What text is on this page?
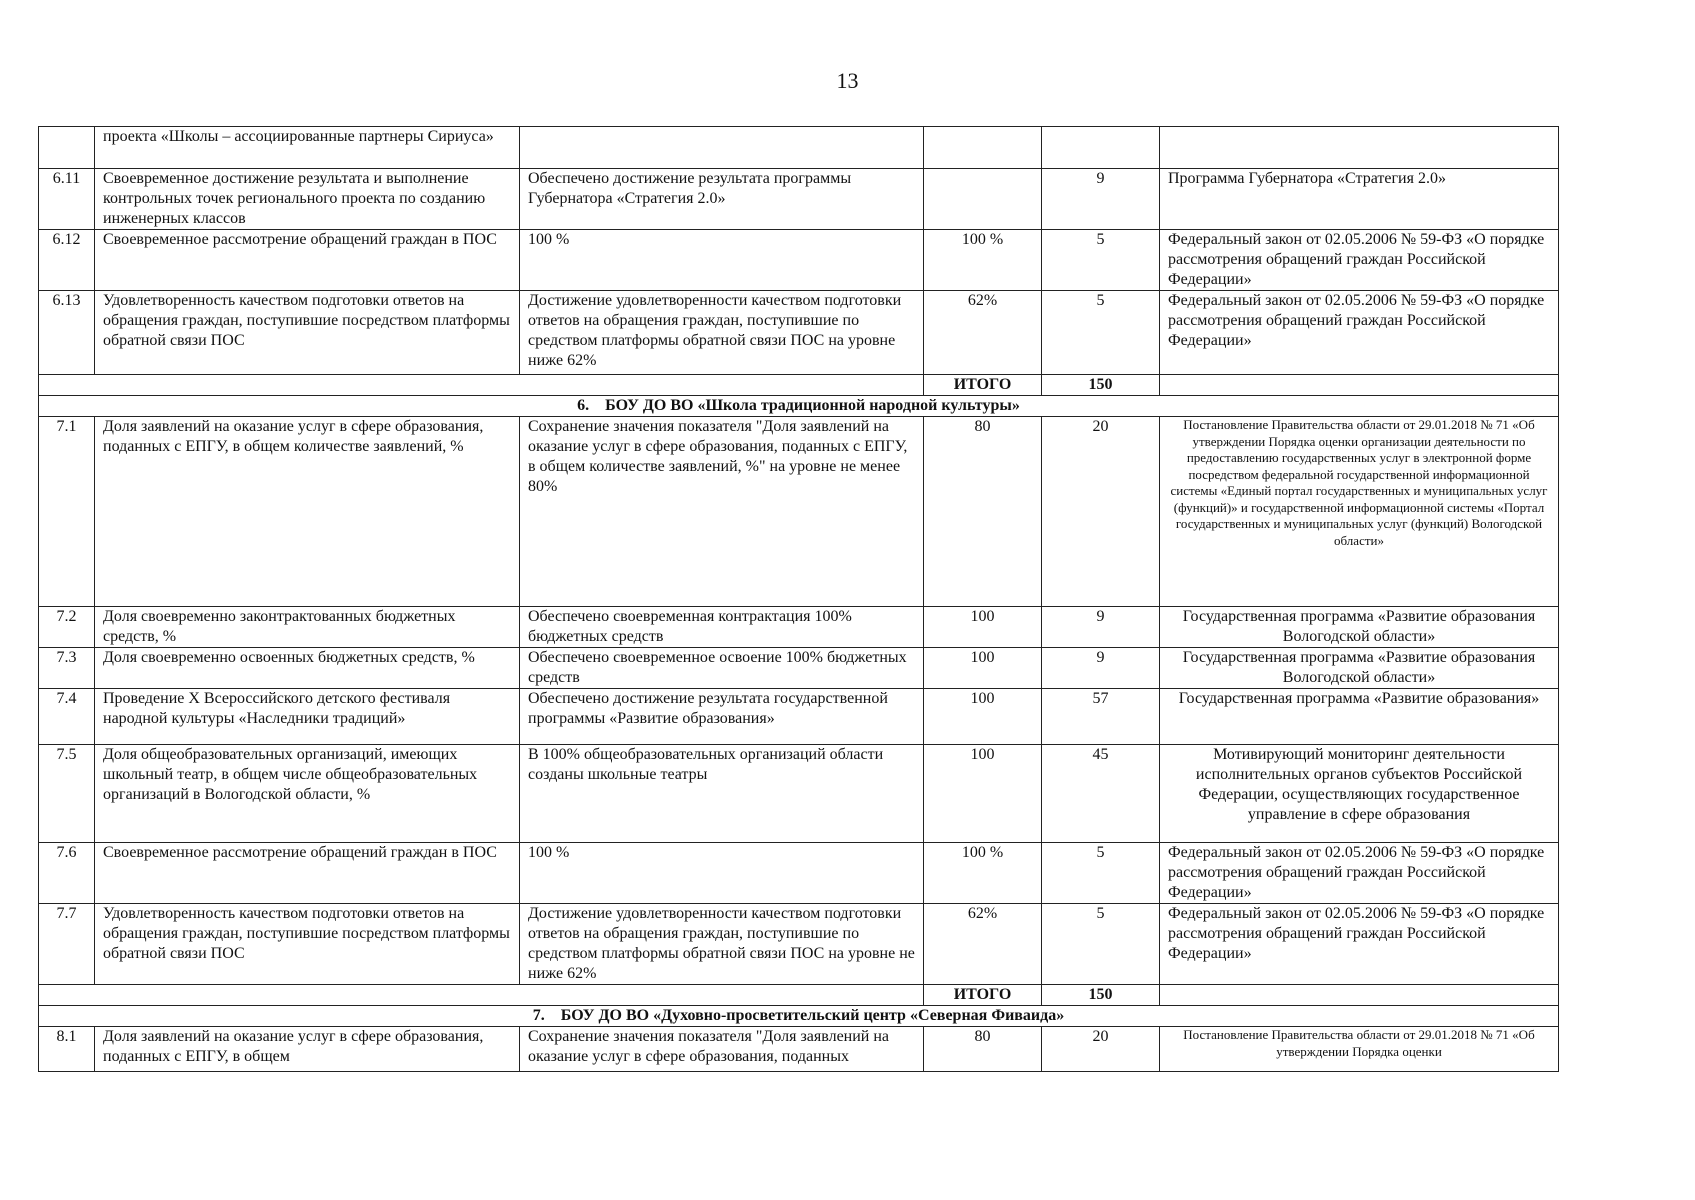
13
	проекта «Школы – ассоциированные партнеры Сириуса»				
6.11	Своевременное достижение результата и выполнение контрольных точек регионального проекта по созданию инженерных классов	Обеспечено достижение результата программы Губернатора «Стратегия 2.0»		9	Программа Губернатора «Стратегия 2.0»
6.12	Своевременное рассмотрение обращений граждан в ПОС	100 %	100 %	5	Федеральный закон от 02.05.2006 № 59-ФЗ «О порядке рассмотрения обращений граждан Российской Федерации»
6.13	Удовлетворенность качеством подготовки ответов на обращения граждан, поступившие посредством платформы обратной связи ПОС	Достижение удовлетворенности качеством подготовки ответов на обращения граждан, поступившие по средством платформы обратной связи ПОС на уровне ниже 62%	62%	5	Федеральный закон от 02.05.2006 № 59-ФЗ «О порядке рассмотрения обращений граждан Российской Федерации»
			ИТОГО	150	
6.    БОУ ДО ВО «Школа традиционной народной культуры»					
7.1	Доля заявлений на оказание услуг в сфере образования, поданных с ЕПГУ, в общем количестве заявлений, %	Сохранение значения показателя "Доля заявлений на оказание услуг в сфере образования, поданных с ЕПГУ, в общем количестве заявлений, %" на уровне не менее 80%	80	20	Постановление Правительства области от 29.01.2018 № 71 «Об утверждении Порядка оценки организации деятельности по предоставлению государственных услуг в электронной форме посредством федеральной государственной информационной системы «Единый портал государственных и муниципальных услуг (функций)» и государственной информационной системы «Портал государственных и муниципальных услуг (функций) Вологодской области»
7.2	Доля своевременно законтрактованных бюджетных средств, %	Обеспечено своевременная контрактация 100% бюджетных средств	100	9	Государственная программа «Развитие образования Вологодской области»
7.3	Доля своевременно освоенных бюджетных средств, %	Обеспечено своевременное освоение 100% бюджетных средств	100	9	Государственная программа «Развитие образования Вологодской области»
7.4	Проведение X Всероссийского детского фестиваля народной культуры «Наследники традиций»	Обеспечено достижение результата государственной программы «Развитие образования»	100	57	Государственная программа «Развитие образования»
7.5	Доля общеобразовательных организаций, имеющих школьный театр, в общем числе общеобразовательных организаций в Вологодской области, %	В 100% общеобразовательных организаций области созданы школьные театры	100	45	Мотивирующий мониторинг деятельности исполнительных органов субъектов Российской Федерации, осуществляющих государственное управление в сфере образования
7.6	Своевременное рассмотрение обращений граждан в ПОС	100 %	100 %	5	Федеральный закон от 02.05.2006 № 59-ФЗ «О порядке рассмотрения обращений граждан Российской Федерации»
7.7	Удовлетворенность качеством подготовки ответов на обращения граждан, поступившие посредством платформы обратной связи ПОС	Достижение удовлетворенности качеством подготовки ответов на обращения граждан, поступившие по средством платформы обратной связи ПОС на уровне не ниже 62%	62%	5	Федеральный закон от 02.05.2006 № 59-ФЗ «О порядке рассмотрения обращений граждан Российской Федерации»
			ИТОГО	150	
7.    БОУ ДО ВО «Духовно-просветительский центр «Северная Фиваида»					
8.1	Доля заявлений на оказание услуг в сфере образования, поданных с ЕПГУ, в общем	Сохранение значения показателя "Доля заявлений на оказание услуг в сфере образования, поданных	80	20	Постановление Правительства области от 29.01.2018 № 71 «Об утверждении Порядка оценки
